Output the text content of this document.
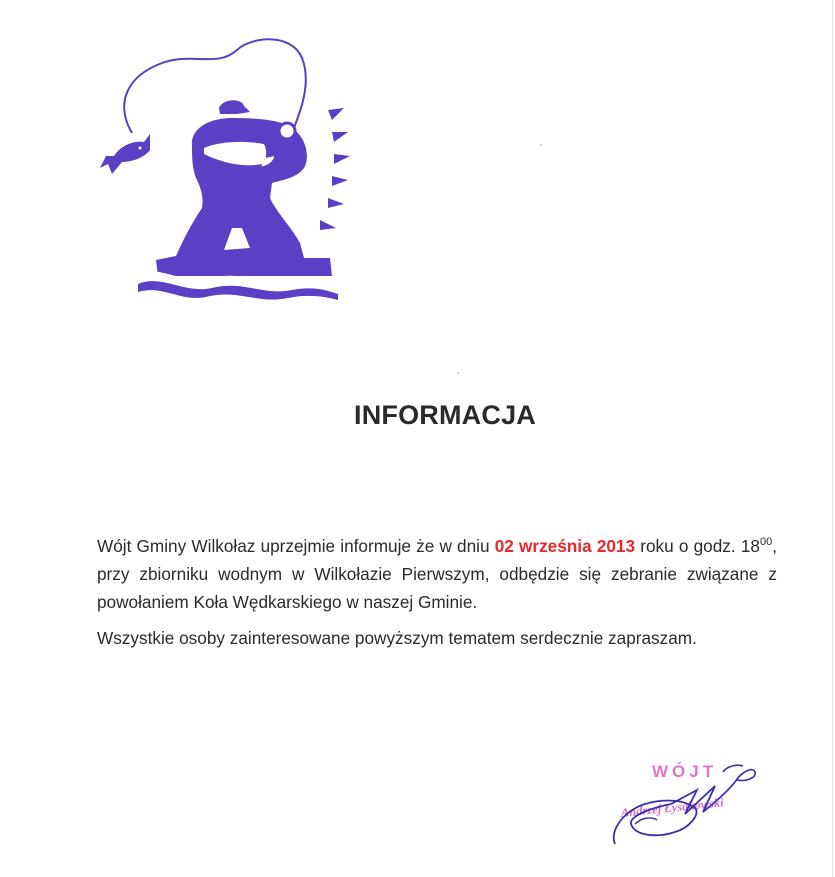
INFORMACJA

Wójt Gminy Wilkołaz uprzejmie informuje że w dniu 02 września 2013 roku o godz. $18^{00}$, przy zbiorniku wodnym w Wilkołazie Pierwszym, odbędzie się zebranie związane z powołaniem Koła Wędkarskiego w naszej Gminie.

Wszystkie osoby zainteresowane powyższym tematem serdecznie zapraszam.

WÓJT
Andrzej Łysakowski
